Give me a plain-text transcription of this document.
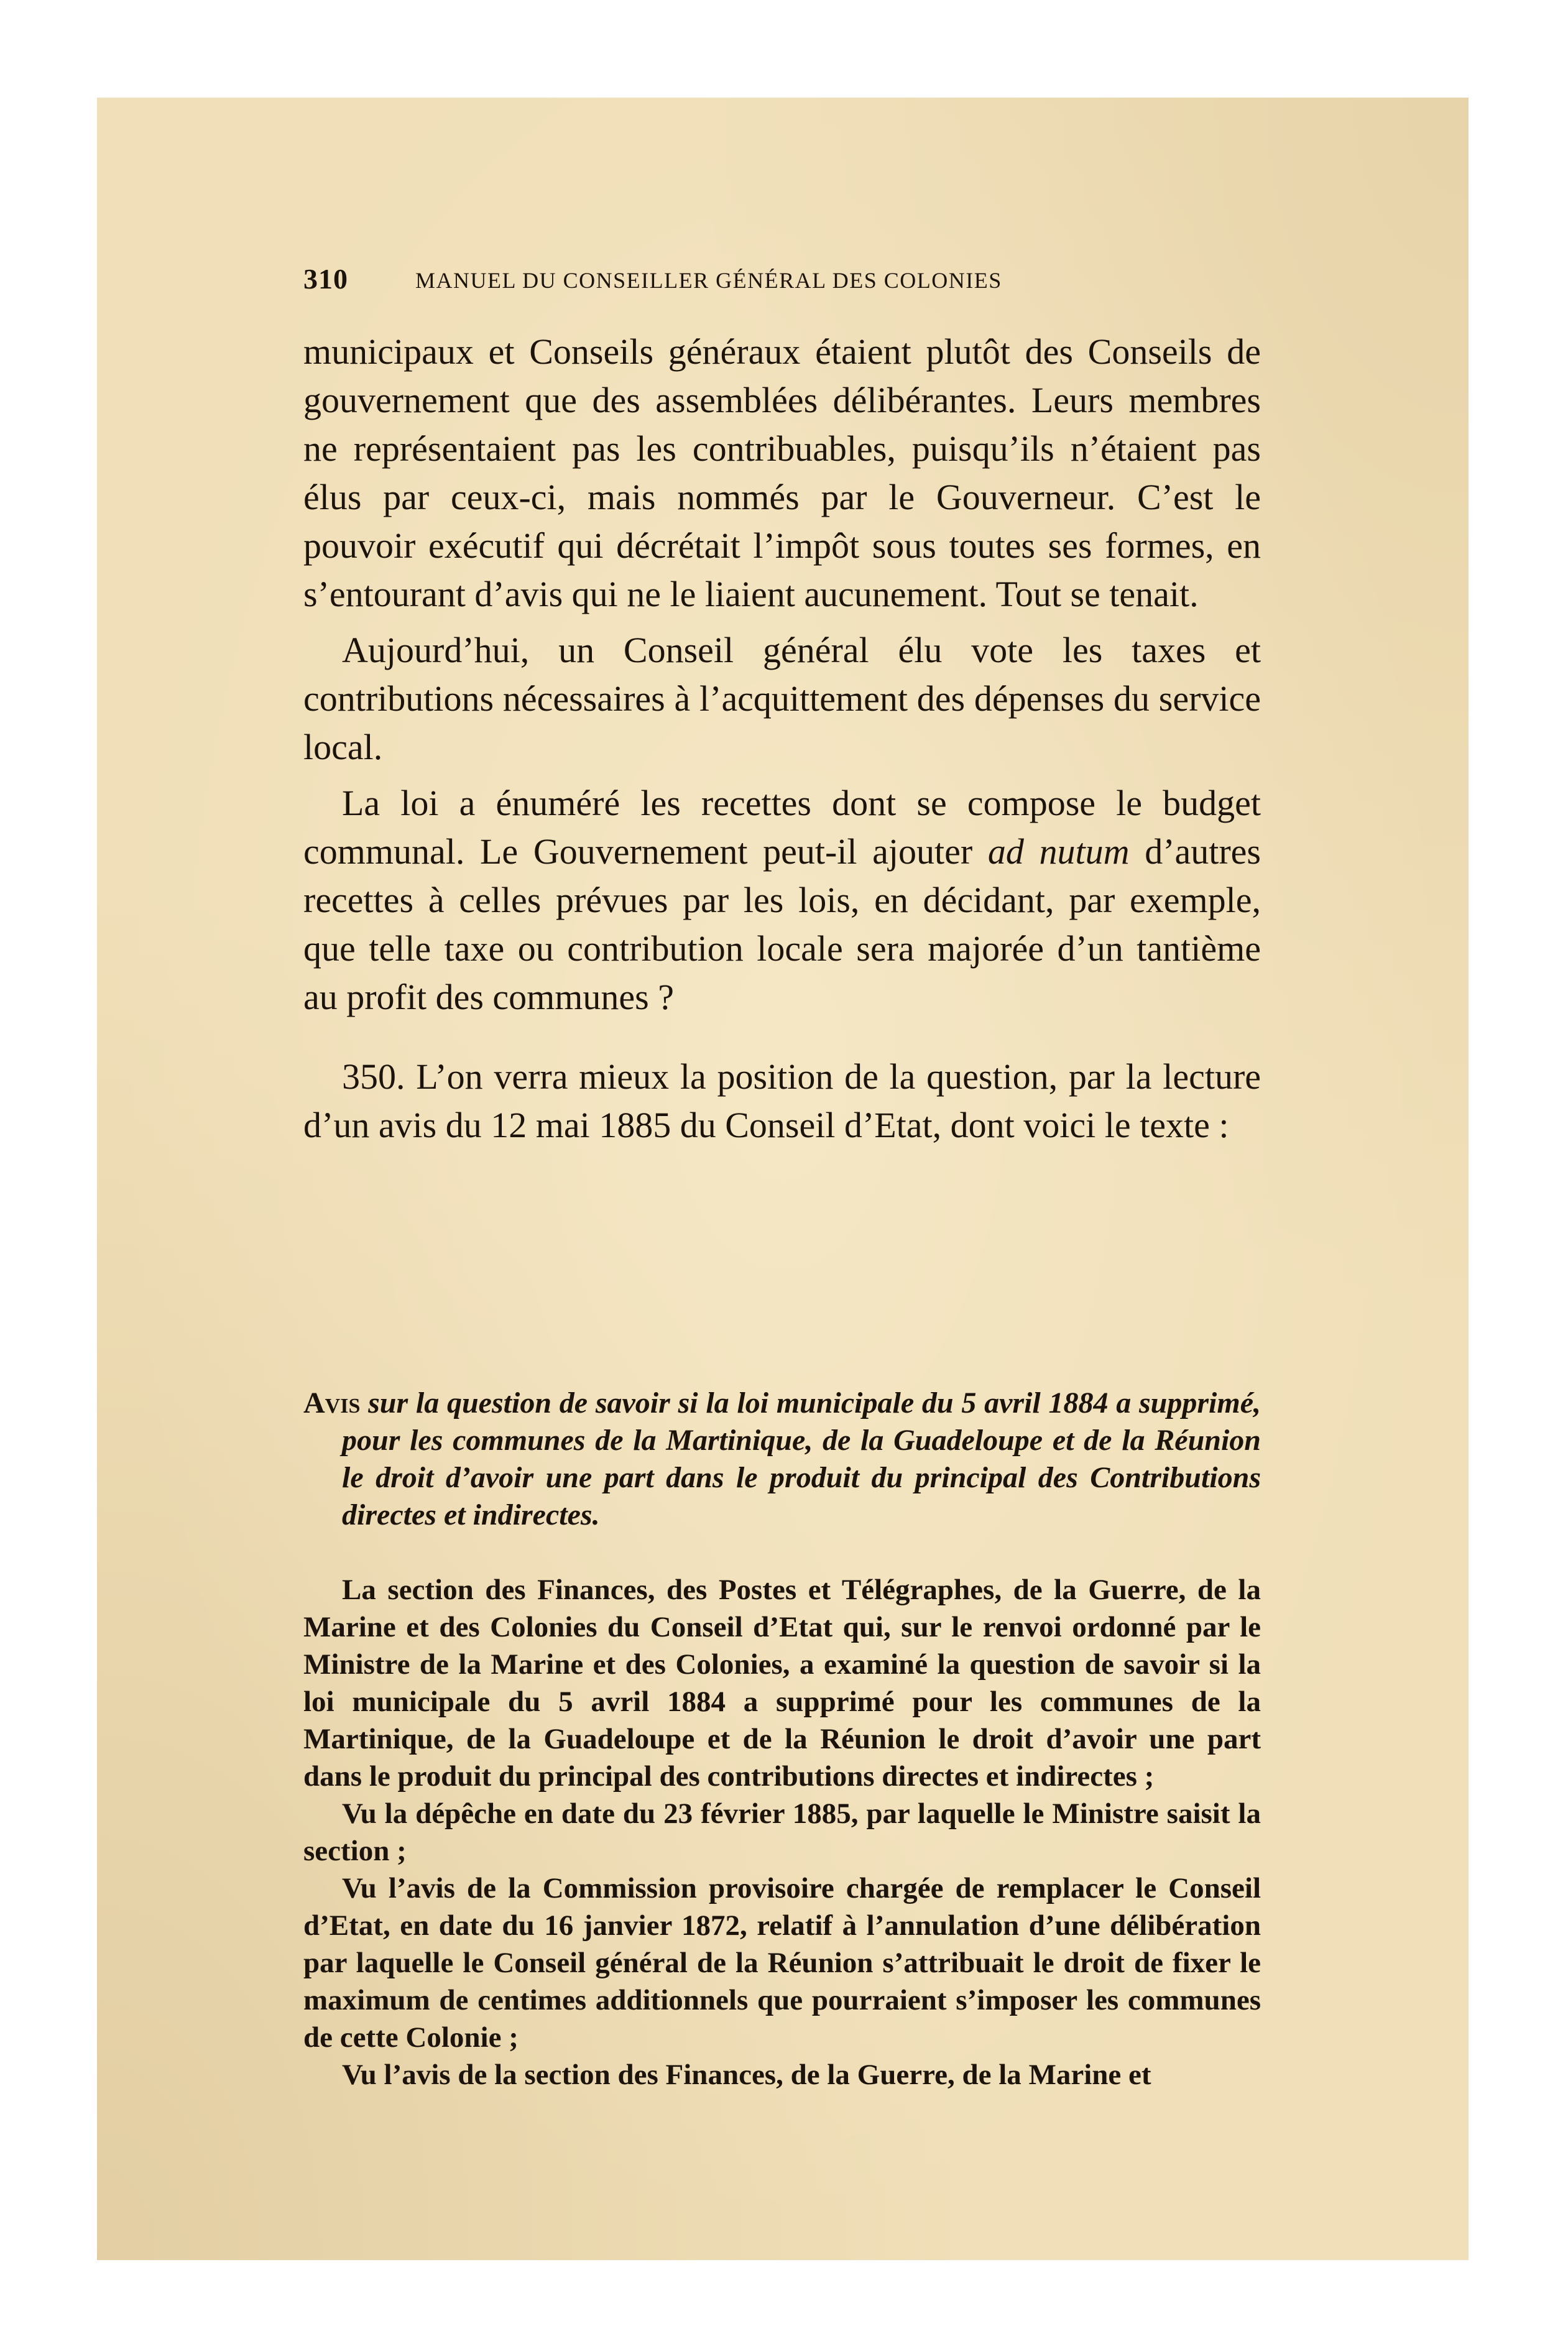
310	MANUEL DU CONSEILLER GÉNÉRAL DES COLONIES

municipaux et Conseils généraux étaient plutôt des Conseils de gouvernement que des assemblées délibérantes. Leurs membres ne représentaient pas les contribuables, puisqu’ils n’étaient pas élus par ceux-ci, mais nommés par le Gouverneur. C’est le pouvoir exécutif qui décrétait l’impôt sous toutes ses formes, en s’entourant d’avis qui ne le liaient aucunement. Tout se tenait.

Aujourd’hui, un Conseil général élu vote les taxes et contributions nécessaires à l’acquittement des dépenses du service local.

La loi a énuméré les recettes dont se compose le budget communal. Le Gouvernement peut-il ajouter ad nutum d’autres recettes à celles prévues par les lois, en décidant, par exemple, que telle taxe ou contribution locale sera majorée d’un tantième au profit des communes ?

350. L’on verra mieux la position de la question, par la lecture d’un avis du 12 mai 1885 du Conseil d’Etat, dont voici le texte :

Avis sur la question de savoir si la loi municipale du 5 avril 1884 a supprimé, pour les communes de la Martinique, de la Guadeloupe et de la Réunion le droit d’avoir une part dans le produit du principal des Contributions directes et indirectes.

La section des Finances, des Postes et Télégraphes, de la Guerre, de la Marine et des Colonies du Conseil d’Etat qui, sur le renvoi ordonné par le Ministre de la Marine et des Colonies, a examiné la question de savoir si la loi municipale du 5 avril 1884 a supprimé pour les communes de la Martinique, de la Guadeloupe et de la Réunion le droit d’avoir une part dans le produit du principal des contributions directes et indirectes ;

Vu la dépêche en date du 23 février 1885, par laquelle le Ministre saisit la section ;

Vu l’avis de la Commission provisoire chargée de remplacer le Conseil d’Etat, en date du 16 janvier 1872, relatif à l’annulation d’une délibération par laquelle le Conseil général de la Réunion s’attribuait le droit de fixer le maximum de centimes additionnels que pourraient s’imposer les communes de cette Colonie ;

Vu l’avis de la section des Finances, de la Guerre, de la Marine et
